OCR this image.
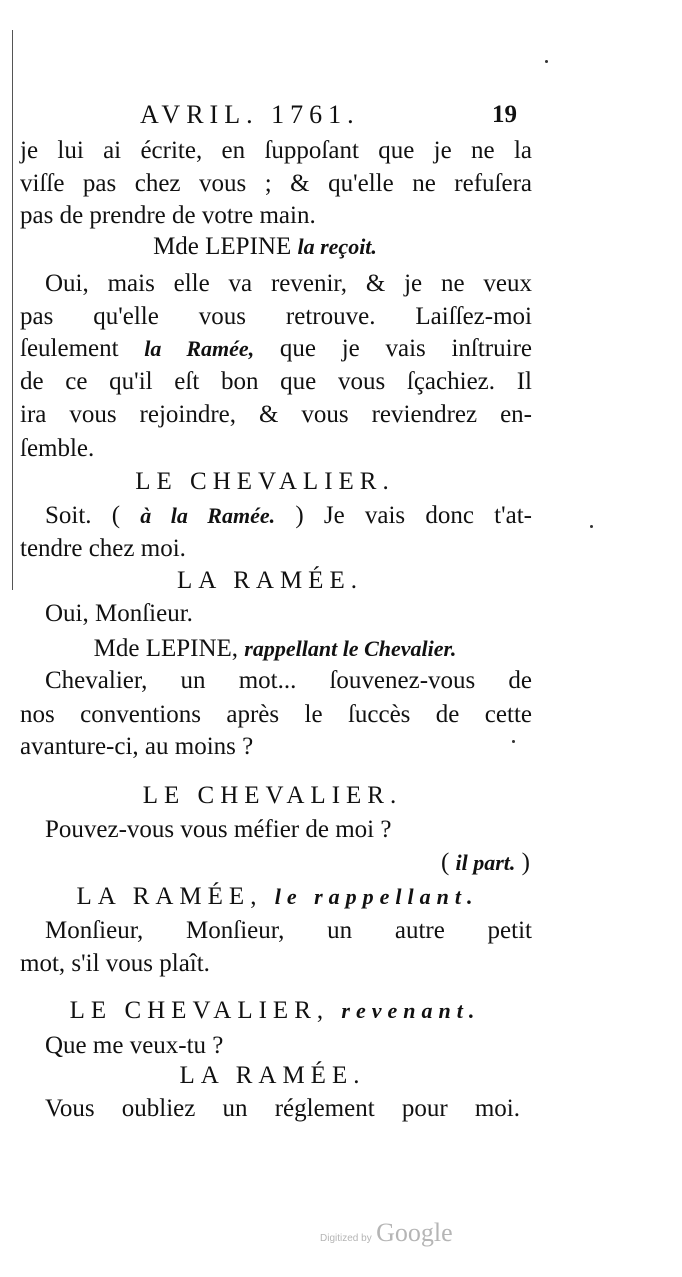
AVRIL. 1761.	19
je lui ai écrite, en ſuppoſant que je ne la
viſſe pas chez vous ; & qu'elle ne refuſera
pas de prendre de votre main.
Mde LEPINE la reçoit.
Oui, mais elle va revenir, & je ne veux
pas qu'elle vous retrouve. Laiſſez-moi
ſeulement la Ramée, que je vais inſtruire
de ce qu'il eſt bon que vous ſçachiez. Il
ira vous rejoindre, & vous reviendrez en-
ſemble.
LE CHEVALIER.
Soit. ( à la Ramée. ) Je vais donc t'at-
tendre chez moi.
LA RAMÉE.
Oui, Monſieur.
Mde LEPINE, rappellant le Chevalier.
Chevalier, un mot... ſouvenez-vous de
nos conventions après le ſuccès de cette
avanture-ci, au moins ?
LE CHEVALIER.
Pouvez-vous vous méfier de moi ?
( il part. )
LA RAMÉE, le rappellant.
Monſieur, Monſieur, un autre petit
mot, s'il vous plaît.
LE CHEVALIER, revenant.
Que me veux-tu ?
LA RAMÉE.
Vous oubliez un réglement pour moi.
Digitized by Google
